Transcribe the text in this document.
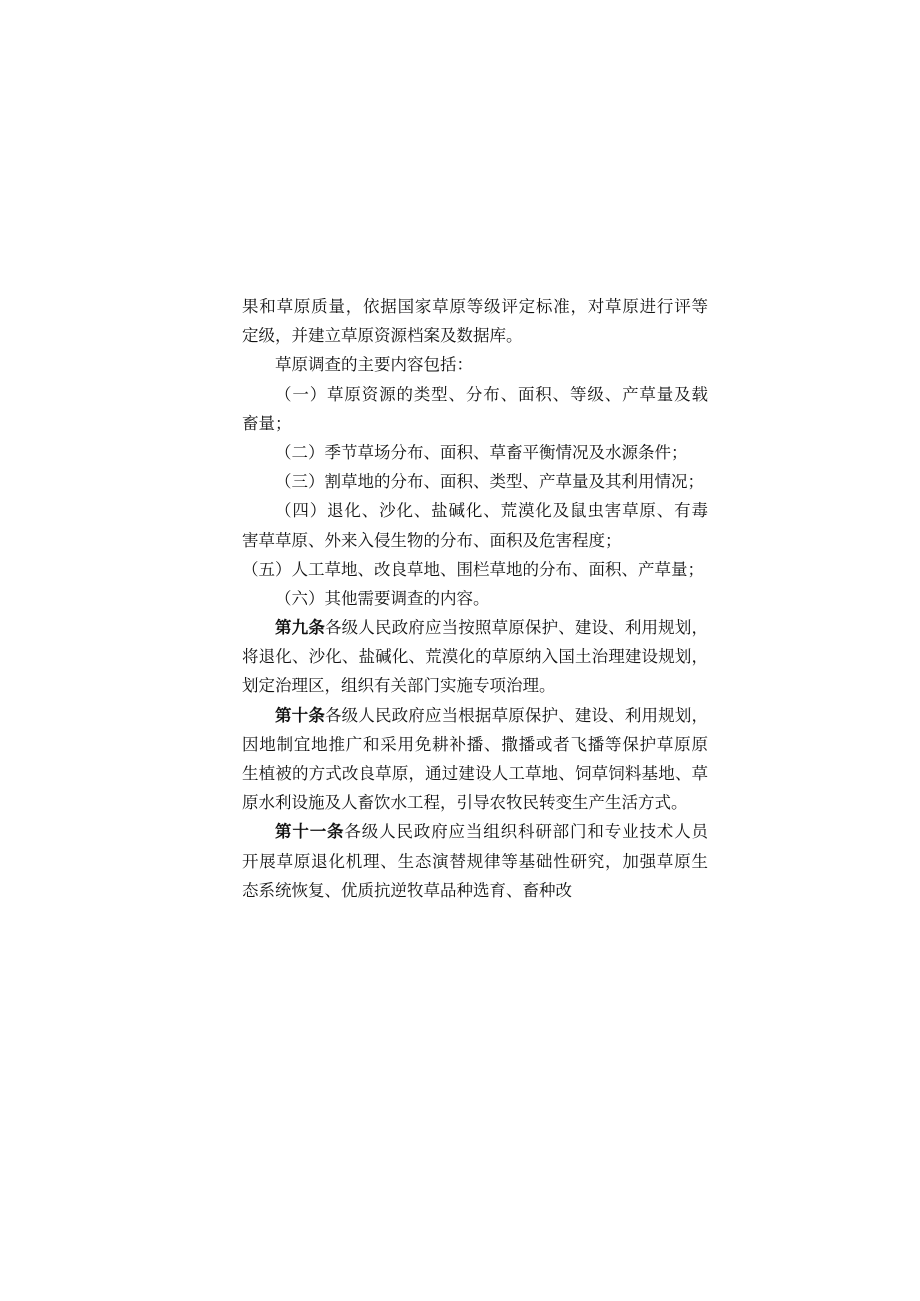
果和草原质量，依据国家草原等级评定标准，对草原进行评等
定级，并建立草原资源档案及数据库。
草原调查的主要内容包括：
（一）草原资源的类型、分布、面积、等级、产草量及载
畜量；
（二）季节草场分布、面积、草畜平衡情况及水源条件；
（三）割草地的分布、面积、类型、产草量及其利用情况；
（四）退化、沙化、盐碱化、荒漠化及鼠虫害草原、有毒
害草草原、外来入侵生物的分布、面积及危害程度；
（五）人工草地、改良草地、围栏草地的分布、面积、产草量；
（六）其他需要调查的内容。
第九条各级人民政府应当按照草原保护、建设、利用规划，
将退化、沙化、盐碱化、荒漠化的草原纳入国土治理建设规划，
划定治理区，组织有关部门实施专项治理。
第十条各级人民政府应当根据草原保护、建设、利用规划，
因地制宜地推广和采用免耕补播、撒播或者飞播等保护草原原
生植被的方式改良草原，通过建设人工草地、饲草饲料基地、草
原水利设施及人畜饮水工程，引导农牧民转变生产生活方式。
第十一条各级人民政府应当组织科研部门和专业技术人员
开展草原退化机理、生态演替规律等基础性研究，加强草原生
态系统恢复、优质抗逆牧草品种选育、畜种改
